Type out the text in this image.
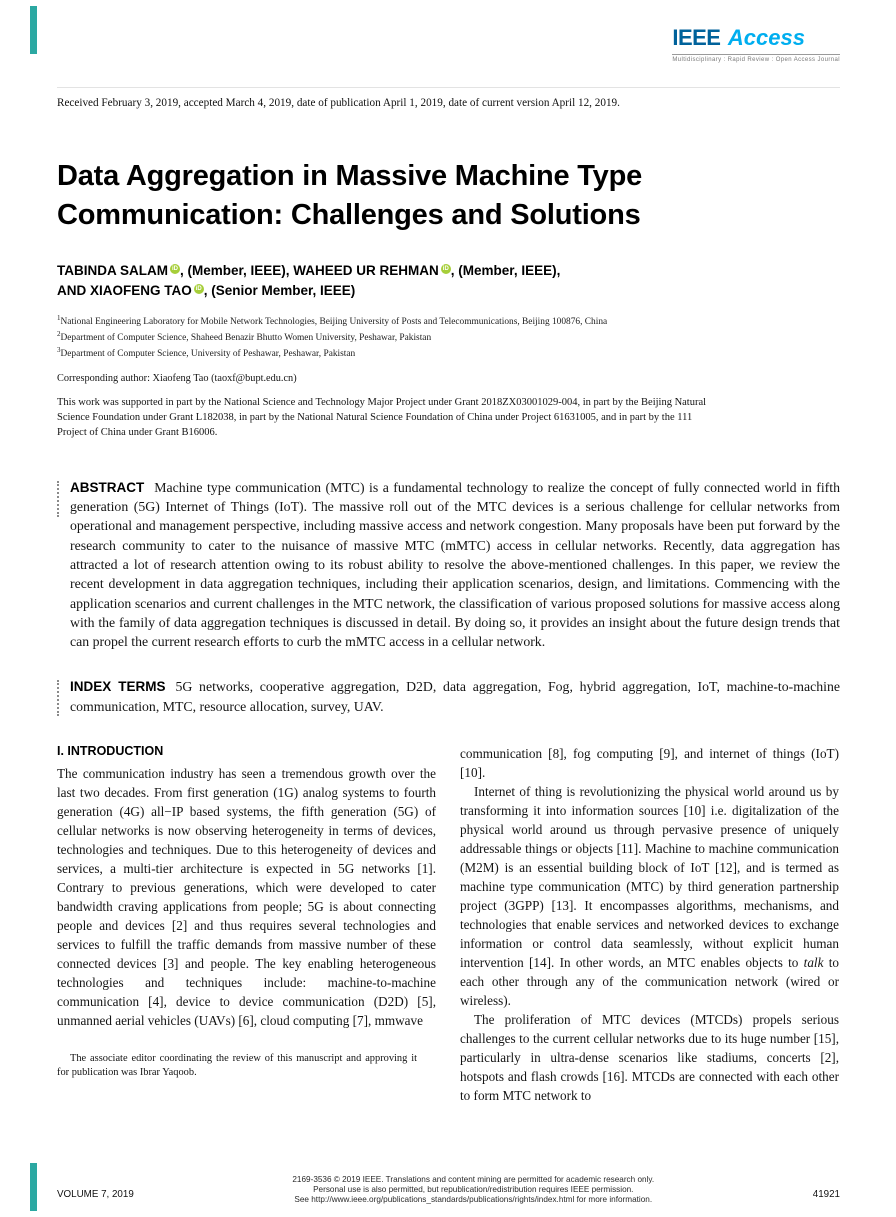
IEEE Access
Multidisciplinary : Rapid Review : Open Access Journal
Received February 3, 2019, accepted March 4, 2019, date of publication April 1, 2019, date of current version April 12, 2019.
Data Aggregation in Massive Machine Type Communication: Challenges and Solutions
TABINDA SALAM iD , (Member, IEEE), WAHEED UR REHMAN iD , (Member, IEEE),
AND XIAOFENG TAO iD , (Senior Member, IEEE)
$^1$National Engineering Laboratory for Mobile Network Technologies, Beijing University of Posts and Telecommunications, Beijing 100876, China
$^2$Department of Computer Science, Shaheed Benazir Bhutto Women University, Peshawar, Pakistan
$^3$Department of Computer Science, University of Peshawar, Peshawar, Pakistan
Corresponding author: Xiaofeng Tao (taoxf@bupt.edu.cn)
This work was supported in part by the National Science and Technology Major Project under Grant 2018ZX03001029-004, in part by the Beijing Natural Science Foundation under Grant L182038, in part by the National Natural Science Foundation of China under Project 61631005, and in part by the 111 Project of China under Grant B16006.

ABSTRACT Machine type communication (MTC) is a fundamental technology to realize the concept of fully connected world in fifth generation (5G) Internet of Things (IoT). The massive roll out of the MTC devices is a serious challenge for cellular networks from operational and management perspective, including massive access and network congestion. Many proposals have been put forward by the research community to cater to the nuisance of massive MTC (mMTC) access in cellular networks. Recently, data aggregation has attracted a lot of research attention owing to its robust ability to resolve the above-mentioned challenges. In this paper, we review the recent development in data aggregation techniques, including their application scenarios, design, and limitations. Commencing with the application scenarios and current challenges in the MTC network, the classification of various proposed solutions for massive access along with the family of data aggregation techniques is discussed in detail. By doing so, it provides an insight about the future design trends that can propel the current research efforts to curb the mMTC access in a cellular network.

INDEX TERMS 5G networks, cooperative aggregation, D2D, data aggregation, Fog, hybrid aggregation, IoT, machine-to-machine communication, MTC, resource allocation, survey, UAV.

I. INTRODUCTION

The communication industry has seen a tremendous growth over the last two decades. From first generation (1G) analog systems to fourth generation (4G) all−IP based systems, the fifth generation (5G) of cellular networks is now observing heterogeneity in terms of devices, technologies and techniques. Due to this heterogeneity of devices and services, a multi-tier architecture is expected in 5G networks [1]. Contrary to previous generations, which were developed to cater bandwidth craving applications from people; 5G is about connecting people and devices [2] and thus requires several technologies and services to fulfill the traffic demands from massive number of these connected devices [3] and people. The key enabling heterogeneous technologies and techniques include: machine-to-machine communication [4], device to device communication (D2D) [5], unmanned aerial vehicles (UAVs) [6], cloud computing [7], mmwave

The associate editor coordinating the review of this manuscript and approving it for publication was Ibrar Yaqoob.

communication [8], fog computing [9], and internet of things (IoT) [10].

Internet of thing is revolutionizing the physical world around us by transforming it into information sources [10] i.e. digitalization of the physical world around us through pervasive presence of uniquely addressable things or objects [11]. Machine to machine communication (M2M) is an essential building block of IoT [12], and is termed as machine type communication (MTC) by third generation partnership project (3GPP) [13]. It encompasses algorithms, mechanisms, and technologies that enable services and networked devices to exchange information or control data seamlessly, without explicit human intervention [14]. In other words, an MTC enables objects to talk to each other through any of the communication network (wired or wireless).

The proliferation of MTC devices (MTCDs) propels serious challenges to the current cellular networks due to its huge number [15], particularly in ultra-dense scenarios like stadiums, concerts [2], hotspots and flash crowds [16]. MTCDs are connected with each other to form MTC network to

VOLUME 7, 2019
2169-3536 © 2019 IEEE. Translations and content mining are permitted for academic research only.
Personal use is also permitted, but republication/redistribution requires IEEE permission.
See http://www.ieee.org/publications_standards/publications/rights/index.html for more information.	41921
